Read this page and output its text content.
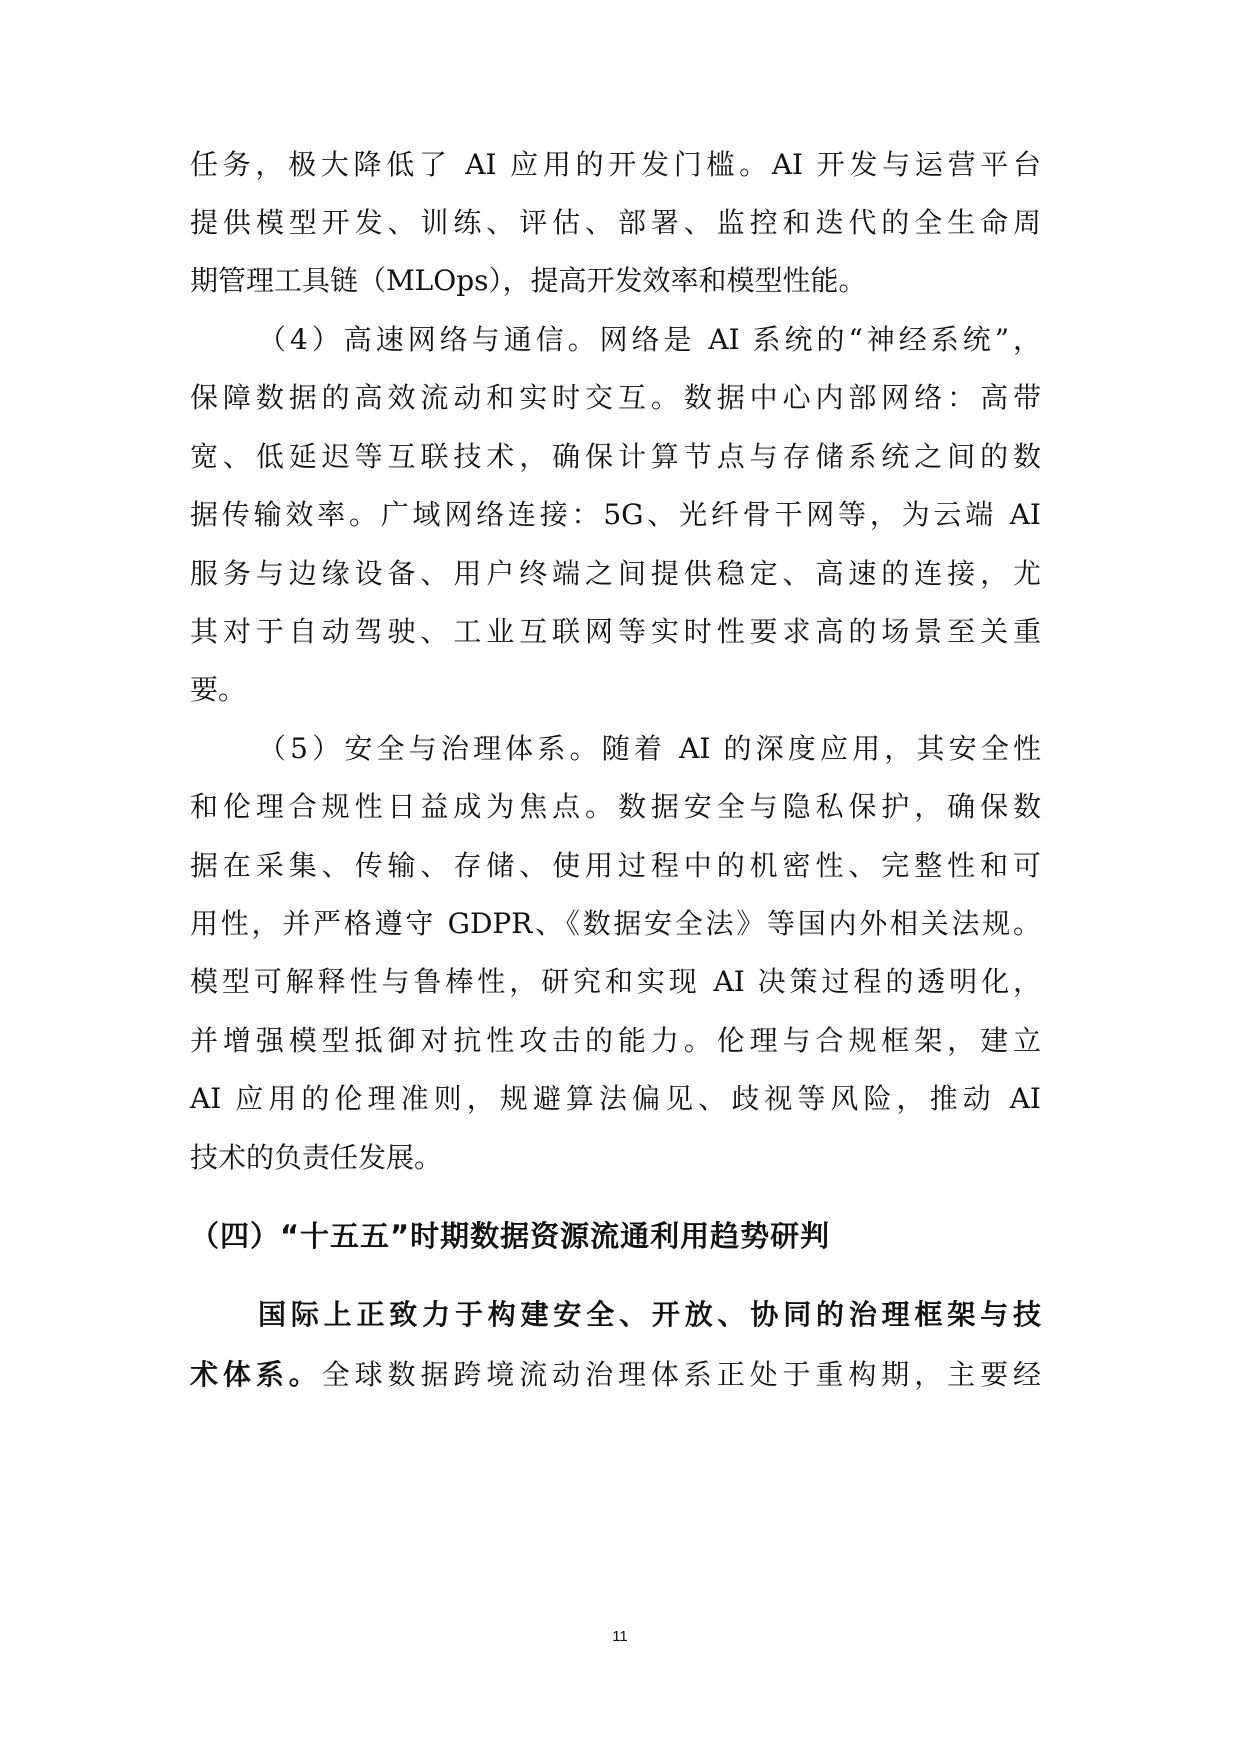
任务，极大降低了 AI 应用的开发门槛。AI 开发与运营平台
提供模型开发、训练、评估、部署、监控和迭代的全生命周
期管理工具链（MLOps），提高开发效率和模型性能。
（4）高速网络与通信。网络是 AI 系统的“神经系统”，
保障数据的高效流动和实时交互。数据中心内部网络：高带
宽、低延迟等互联技术，确保计算节点与存储系统之间的数
据传输效率。广域网络连接：5G、光纤骨干网等，为云端 AI
服务与边缘设备、用户终端之间提供稳定、高速的连接，尤
其对于自动驾驶、工业互联网等实时性要求高的场景至关重
要。
（5）安全与治理体系。随着 AI 的深度应用，其安全性
和伦理合规性日益成为焦点。数据安全与隐私保护，确保数
据在采集、传输、存储、使用过程中的机密性、完整性和可
用性，并严格遵守 GDPR、《数据安全法》等国内外相关法规。
模型可解释性与鲁棒性，研究和实现 AI 决策过程的透明化，
并增强模型抵御对抗性攻击的能力。伦理与合规框架，建立
AI 应用的伦理准则，规避算法偏见、歧视等风险，推动 AI
技术的负责任发展。
（四）“十五五”时期数据资源流通利用趋势研判
国际上正致力于构建安全、开放、协同的治理框架与技
术体系。全球数据跨境流动治理体系正处于重构期，主要经
11
